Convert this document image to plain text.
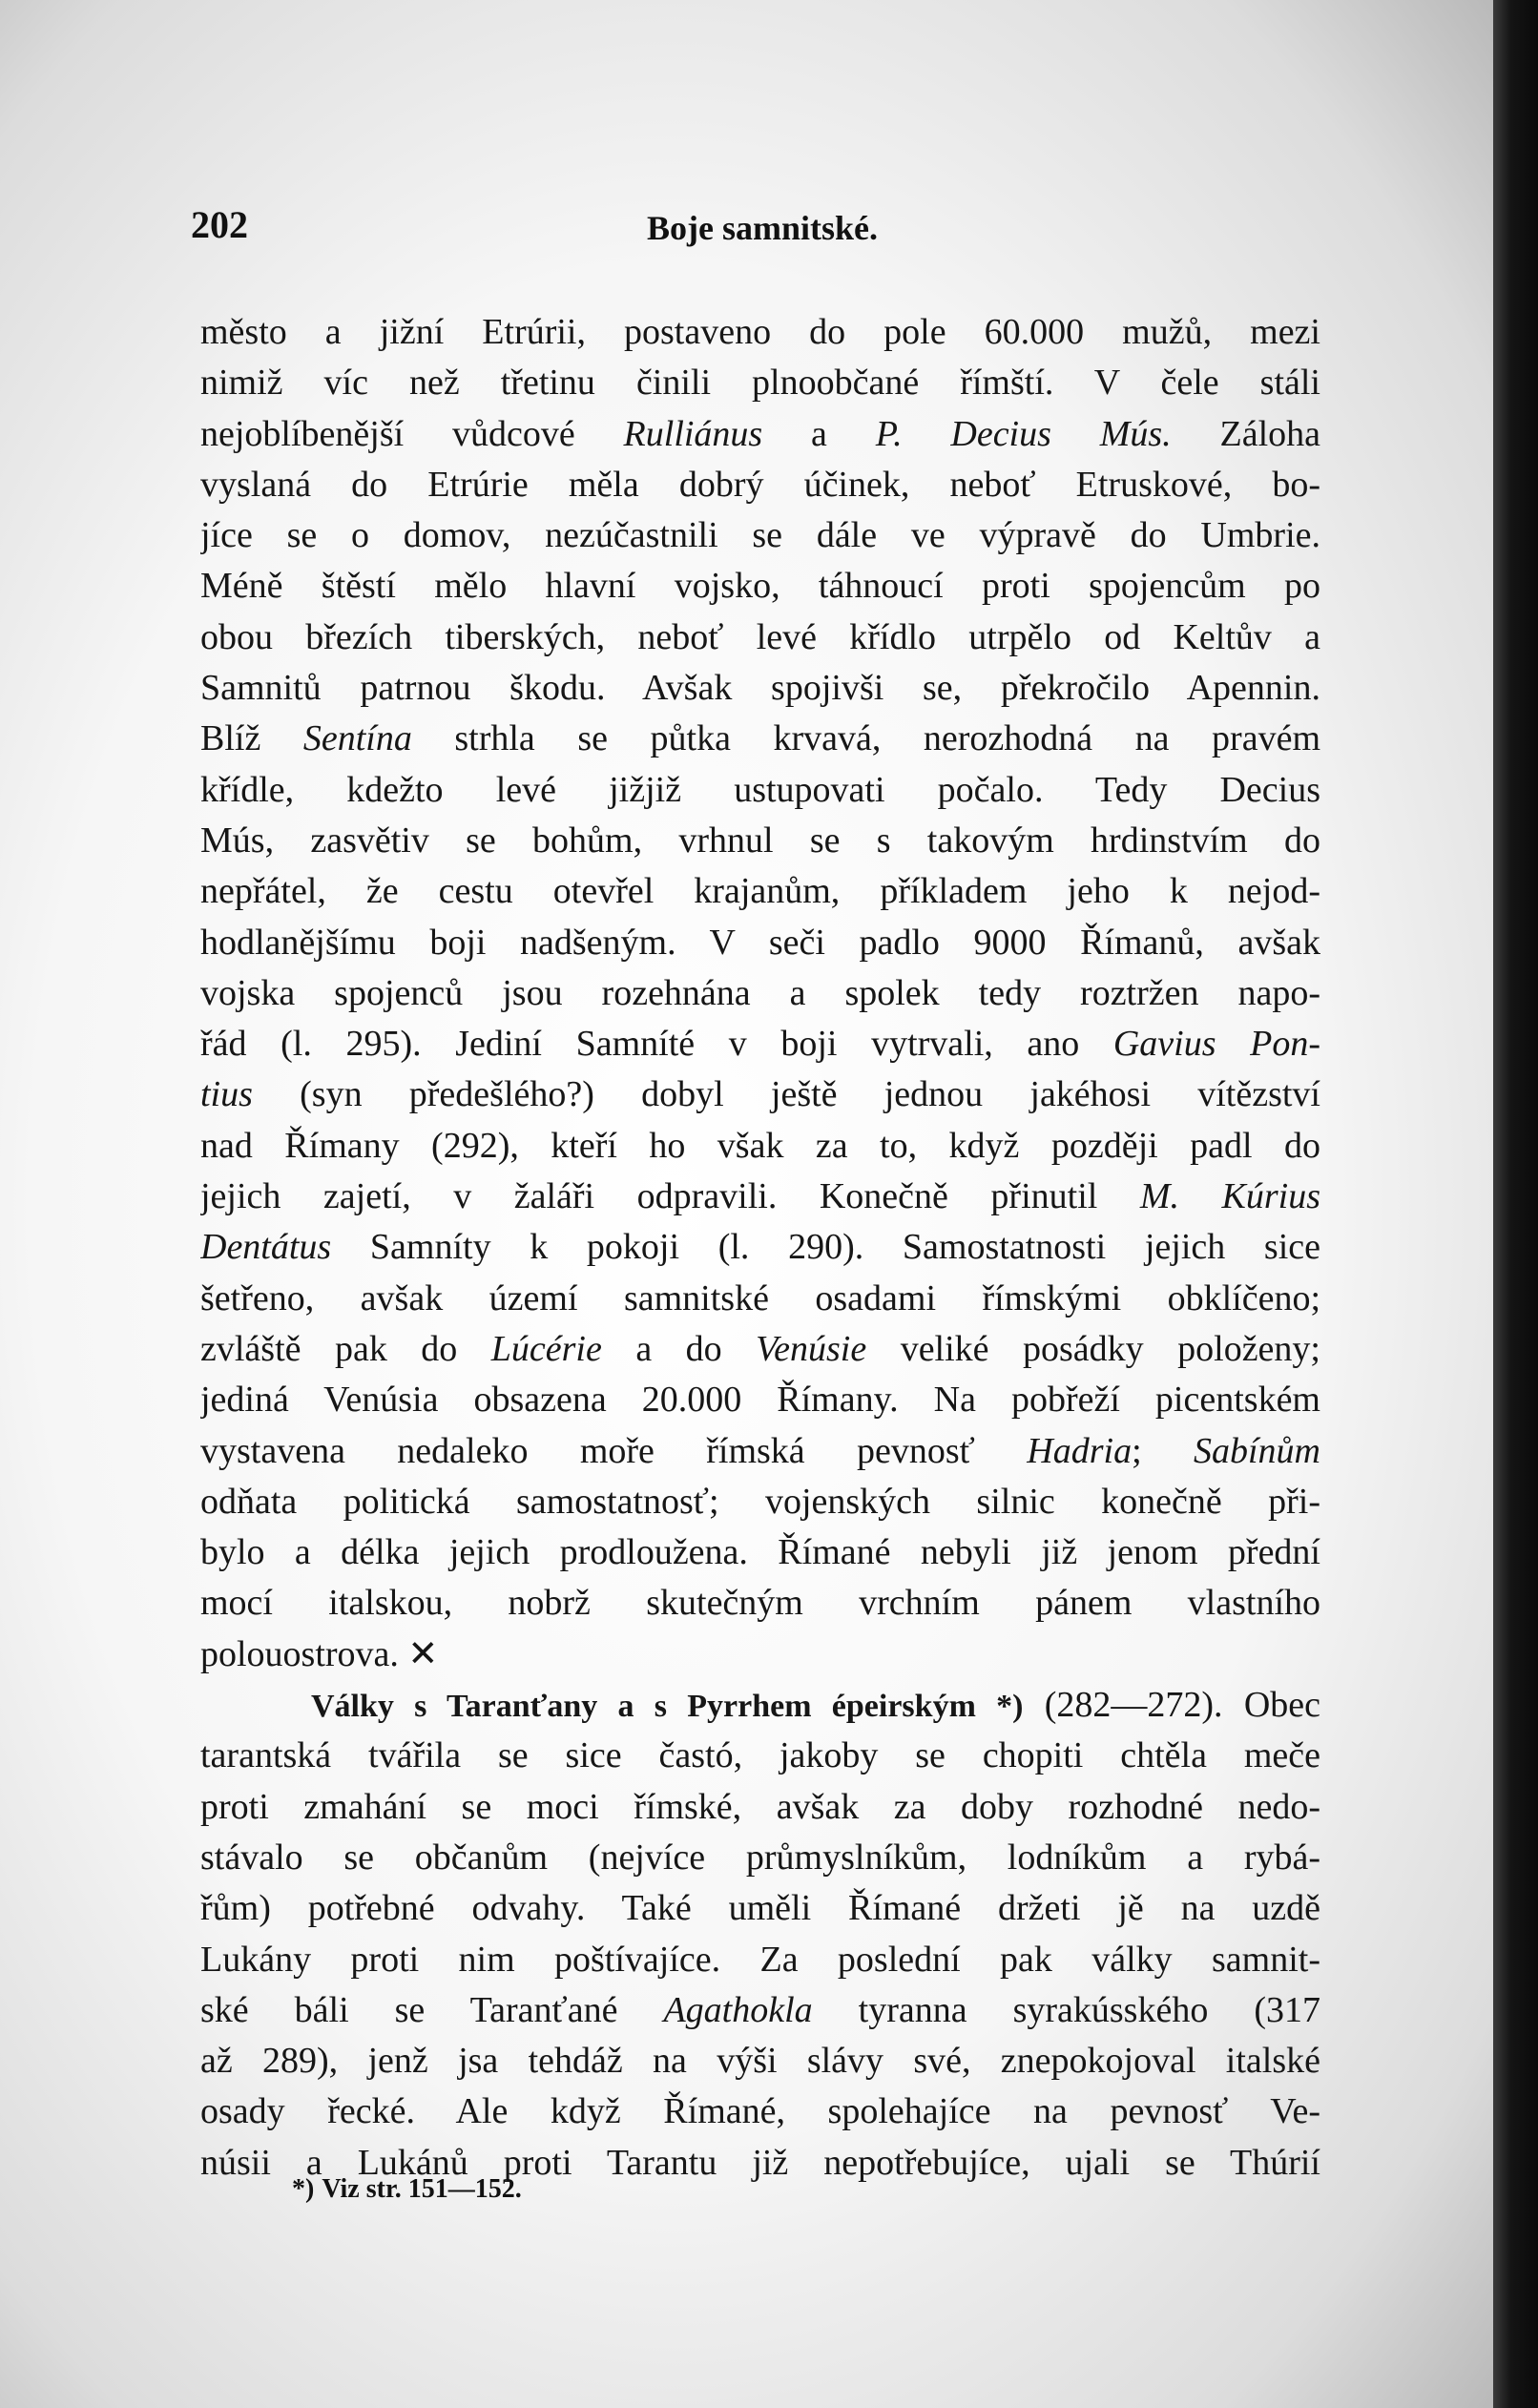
202	Boje samnitské.
město a jižní Etrúrii, postaveno do pole 60.000 mužů, mezi
nimiž víc než třetinu činili plnoobčané římští. V čele stáli
nejoblíbenější vůdcové Rulliánus a P. Decius Mús. Záloha
vyslaná do Etrúrie měla dobrý účinek, neboť Etruskové, bo-
jíce se o domov, nezúčastnili se dále ve výpravě do Umbrie.
Méně štěstí mělo hlavní vojsko, táhnoucí proti spojencům po
obou březích tiberských, neboť levé křídlo utrpělo od Keltův a
Samnitů patrnou škodu. Avšak spojivši se, překročilo Apennin.
Blíž Sentína strhla se půtka krvavá, nerozhodná na pravém
křídle, kdežto levé jižjiž ustupovati počalo. Tedy Decius
Mús, zasvětiv se bohům, vrhnul se s takovým hrdinstvím do
nepřátel, že cestu otevřel krajanům, příkladem jeho k nejod-
hodlanějšímu boji nadšeným. V seči padlo 9000 Římanů, avšak
vojska spojenců jsou rozehnána a spolek tedy roztržen napo-
řád (l. 295). Jediní Samníté v boji vytrvali, ano Gavius Pon-
tius (syn předešlého?) dobyl ještě jednou jakéhosi vítězství
nad Římany (292), kteří ho však za to, když později padl do
jejich zajetí, v žaláři odpravili. Konečně přinutil M. Kúrius
Dentátus Samníty k pokoji (l. 290). Samostatnosti jejich sice
šetřeno, avšak území samnitské osadami římskými obklíčeno;
zvláště pak do Lúcérie a do Venúsie veliké posádky položeny;
jediná Venúsia obsazena 20.000 Římany. Na pobřeží picentském
vystavena nedaleko moře římská pevnosť Hadria; Sabínům
odňata politická samostatnosť; vojenských silnic konečně při-
bylo a délka jejich prodloužena. Římané nebyli již jenom přední
mocí italskou, nobrž skutečným vrchním pánem vlastního
polouostrova. ✕
Války s Taranťany a s Pyrrhem épeirským *) (282—272). Obec
tarantská tvářila se sice častó, jakoby se chopiti chtěla meče
proti zmahání se moci římské, avšak za doby rozhodné nedo-
stávalo se občanům (nejvíce průmyslníkům, lodníkům a rybá-
řům) potřebné odvahy. Také uměli Římané držeti jě na uzdě
Lukány proti nim poštívajíce. Za poslední pak války samnit-
ské báli se Taranťané Agathokla tyranna syrakúsského (317
až 289), jenž jsa tehdáž na výši slávy své, znepokojoval italské
osady řecké. Ale když Římané, spolehajíce na pevnosť Ve-
núsii a Lukánů proti Tarantu již nepotřebujíce, ujali se Thúrií
*) Viz str. 151—152.
